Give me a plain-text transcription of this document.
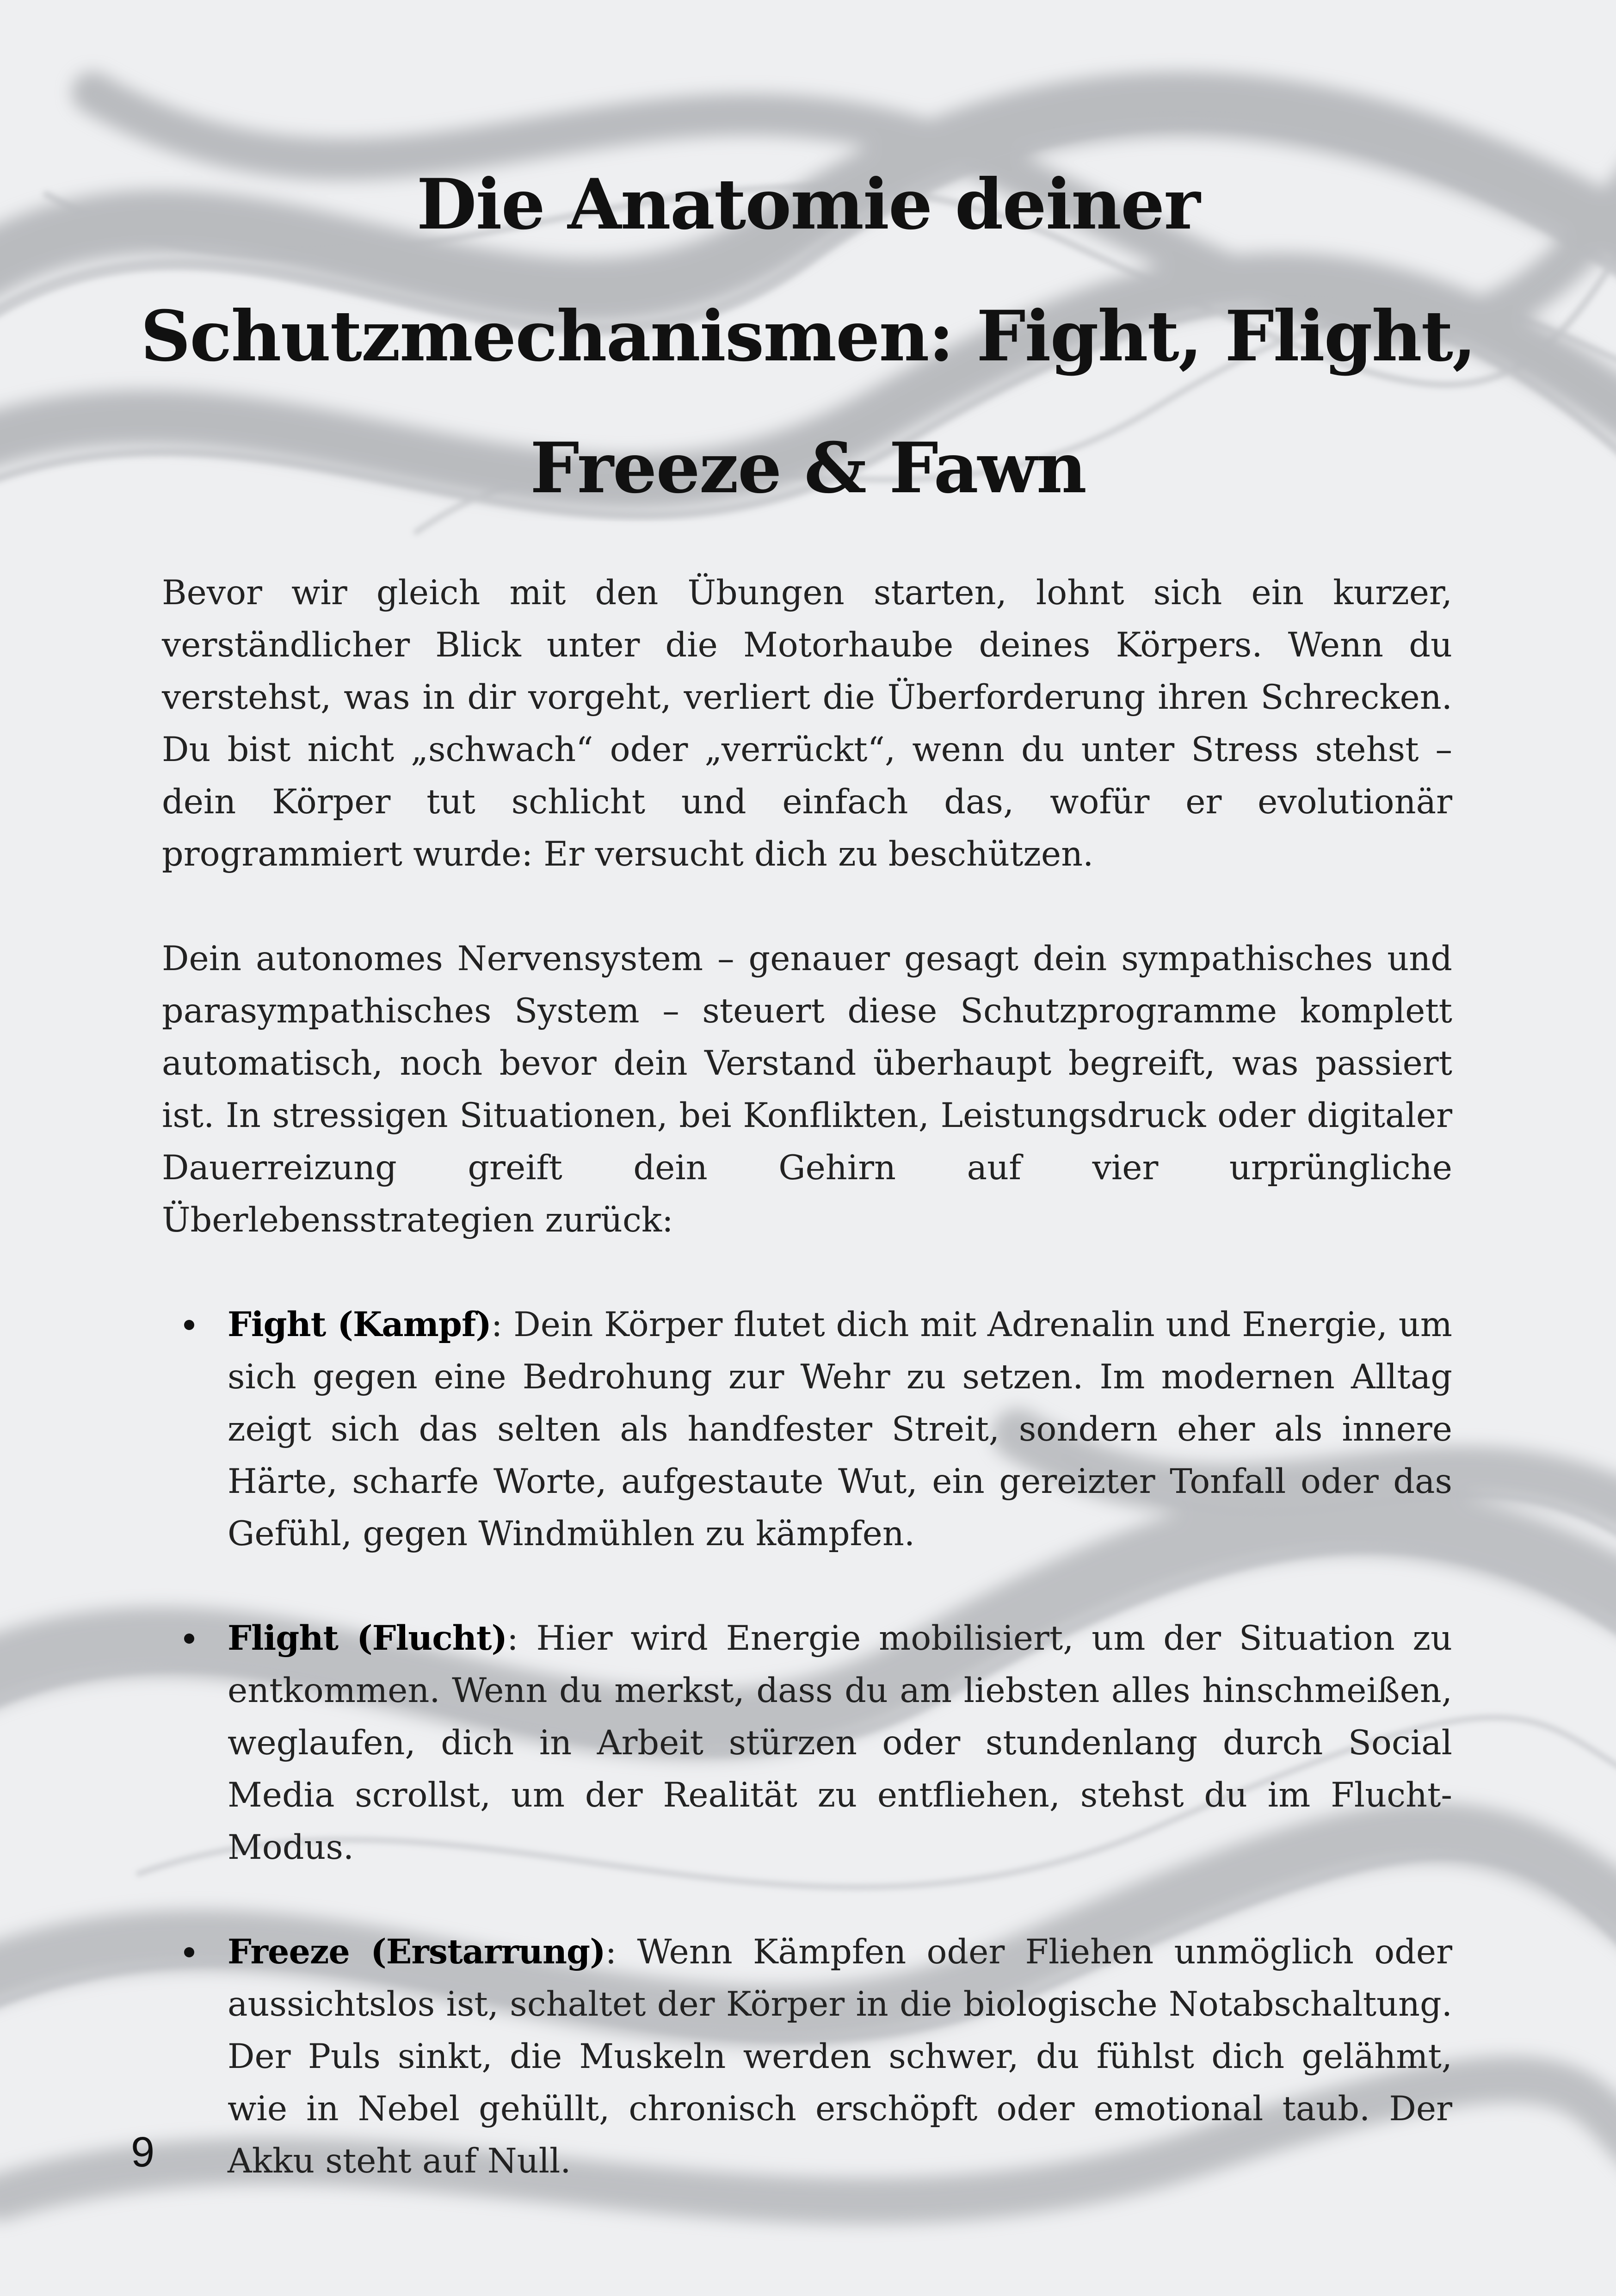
Die Anatomie deiner
Schutzmechanismen: Fight, Flight,
Freeze & Fawn

Bevor wir gleich mit den Übungen starten, lohnt sich ein kurzer, verständlicher Blick unter die Motorhaube deines Körpers. Wenn du verstehst, was in dir vorgeht, verliert die Überforderung ihren Schrecken. Du bist nicht „schwach“ oder „verrückt“, wenn du unter Stress stehst – dein Körper tut schlicht und einfach das, wofür er evolutionär programmiert wurde: Er versucht dich zu beschützen.

Dein autonomes Nervensystem – genauer gesagt dein sympathisches und parasympathisches System – steuert diese Schutzprogramme komplett automatisch, noch bevor dein Verstand überhaupt begreift, was passiert ist. In stressigen Situationen, bei Konflikten, Leistungsdruck oder digitaler Dauerreizung greift dein Gehirn auf vier urprüngliche Überlebensstrategien zurück:

Fight (Kampf): Dein Körper flutet dich mit Adrenalin und Energie, um sich gegen eine Bedrohung zur Wehr zu setzen. Im modernen Alltag zeigt sich das selten als handfester Streit, sondern eher als innere Härte, scharfe Worte, aufgestaute Wut, ein gereizter Tonfall oder das Gefühl, gegen Windmühlen zu kämpfen.
Flight (Flucht): Hier wird Energie mobilisiert, um der Situation zu entkommen. Wenn du merkst, dass du am liebsten alles hinschmeißen, weglaufen, dich in Arbeit stürzen oder stundenlang durch Social Media scrollst, um der Realität zu entfliehen, stehst du im Flucht-Modus.
Freeze (Erstarrung): Wenn Kämpfen oder Fliehen unmöglich oder aussichtslos ist, schaltet der Körper in die biologische Notabschaltung. Der Puls sinkt, die Muskeln werden schwer, du fühlst dich gelähmt, wie in Nebel gehüllt, chronisch erschöpft oder emotional taub. Der Akku steht auf Null.
9
